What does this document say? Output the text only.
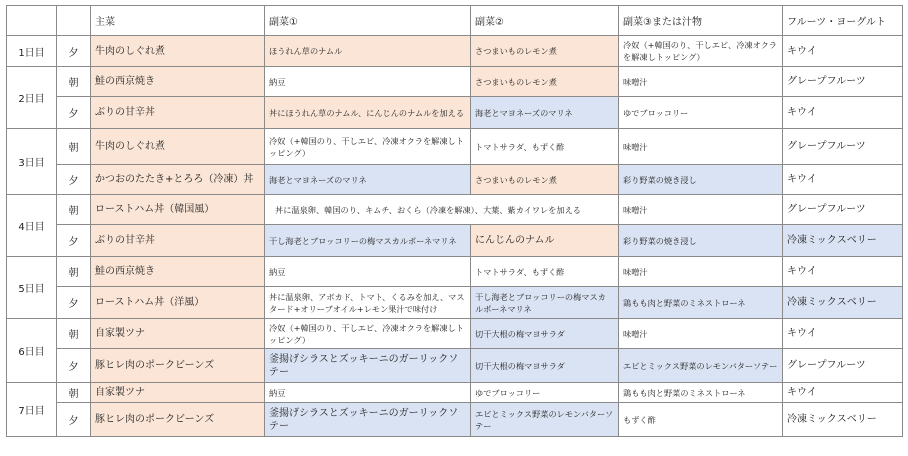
		主菜	副菜①	副菜②	副菜③または汁物	フルーツ・ヨーグルト
1日目	夕	牛肉のしぐれ煮	ほうれん草のナムル	さつまいものレモン煮	冷奴（+韓国のり、干しエビ、冷凍オクラを解凍しトッピング）	キウイ
2日目	朝	鮭の西京焼き	納豆	さつまいものレモン煮	味噌汁	グレープフルーツ
	夕	ぶりの甘辛丼	丼にほうれん草のナムル、にんじんのナムルを加える	海老とマヨネーズのマリネ	ゆでブロッコリー	キウイ
3日目	朝	牛肉のしぐれ煮	冷奴（+韓国のり、干しエビ、冷凍オクラを解凍しトッピング）	トマトサラダ、もずく酢	味噌汁	グレープフルーツ
	夕	かつおのたたき+とろろ（冷凍）丼	海老とマヨネーズのマリネ	さつまいものレモン煮	彩り野菜の焼き浸し	キウイ
4日目	朝	ローストハム丼（韓国風）	丼に温泉卵、韓国のり、キムチ、おくら（冷凍を解凍）、大葉、紫カイワレを加える		味噌汁	グレープフルーツ
	夕	ぶりの甘辛丼	干し海老とブロッコリーの梅マスカルポーネマリネ	にんじんのナムル	彩り野菜の焼き浸し	冷凍ミックスベリー
5日目	朝	鮭の西京焼き	納豆	トマトサラダ、もずく酢	味噌汁	キウイ
	夕	ローストハム丼（洋風）	丼に温泉卵、アボカド、トマト、くるみを加え、マスタード+オリーブオイル+レモン果汁で味付け	干し海老とブロッコリーの梅マスカルポーネマリネ	鶏もも肉と野菜のミネストローネ	冷凍ミックスベリー
6日目	朝	自家製ツナ	冷奴（+韓国のり、干しエビ、冷凍オクラを解凍しトッピング）	切干大根の梅マヨサラダ	味噌汁	キウイ
	夕	豚ヒレ肉のポークビーンズ	釜揚げシラスとズッキーニのガーリックソテー	切干大根の梅マヨサラダ	エビとミックス野菜のレモンバターソテー	グレープフルーツ
7日目	朝	自家製ツナ	納豆	ゆでブロッコリー	鶏もも肉と野菜のミネストローネ	キウイ
	夕	豚ヒレ肉のポークビーンズ	釜揚げシラスとズッキーニのガーリックソテー	エビとミックス野菜のレモンバターソテー	もずく酢	冷凍ミックスベリー
